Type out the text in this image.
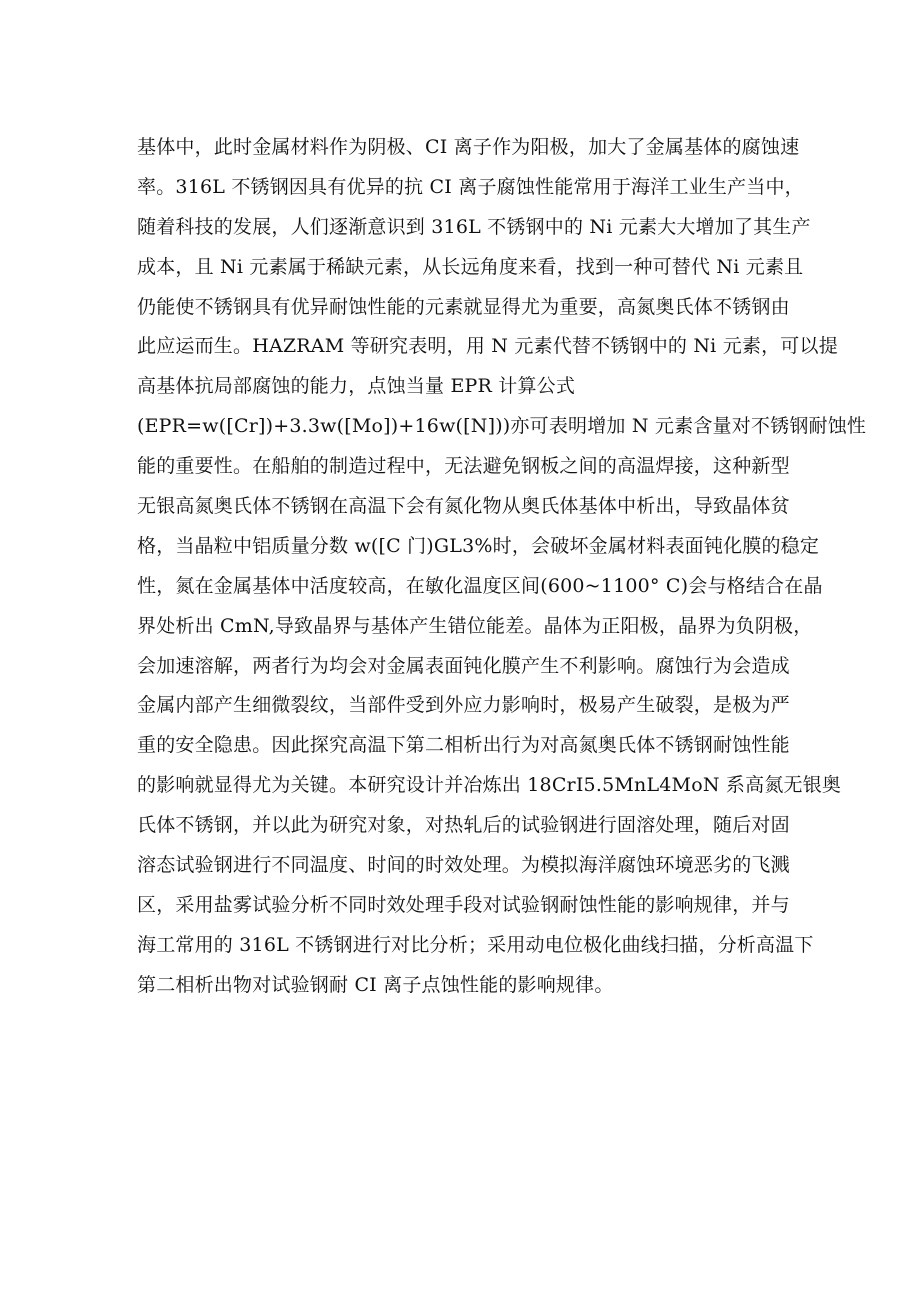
基体中，此时金属材料作为阴极、CI 离子作为阳极，加大了金属基体的腐蚀速
率。316L 不锈钢因具有优异的抗 CI 离子腐蚀性能常用于海洋工业生产当中，
随着科技的发展，人们逐渐意识到 316L 不锈钢中的 Ni 元素大大增加了其生产
成本，且 Ni 元素属于稀缺元素，从长远角度来看，找到一种可替代 Ni 元素且
仍能使不锈钢具有优异耐蚀性能的元素就显得尤为重要，高氮奥氏体不锈钢由
此应运而生。HAZRAM 等研究表明，用 N 元素代替不锈钢中的 Ni 元素，可以提
高基体抗局部腐蚀的能力，点蚀当量 EPR 计算公式
(EPR=w([Cr])+3.3w([Mo])+16w([N]))亦可表明增加 N 元素含量对不锈钢耐蚀性
能的重要性。在船舶的制造过程中，无法避免钢板之间的高温焊接，这种新型
无银高氮奥氏体不锈钢在高温下会有氮化物从奥氏体基体中析出，导致晶体贫
格，当晶粒中铝质量分数 w([C 门)GL3%时，会破坏金属材料表面钝化膜的稳定
性，氮在金属基体中活度较高，在敏化温度区间(600~1100° C)会与格结合在晶
界处析出 CmN,导致晶界与基体产生错位能差。晶体为正阳极，晶界为负阴极，
会加速溶解，两者行为均会对金属表面钝化膜产生不利影响。腐蚀行为会造成
金属内部产生细微裂纹，当部件受到外应力影响时，极易产生破裂，是极为严
重的安全隐患。因此探究高温下第二相析出行为对高氮奥氏体不锈钢耐蚀性能
的影响就显得尤为关键。本研究设计并冶炼出 18CrI5.5MnL4MoN 系高氮无银奥
氏体不锈钢，并以此为研究对象，对热轧后的试验钢进行固溶处理，随后对固
溶态试验钢进行不同温度、时间的时效处理。为模拟海洋腐蚀环境恶劣的飞溅
区，采用盐雾试验分析不同时效处理手段对试验钢耐蚀性能的影响规律，并与
海工常用的 316L 不锈钢进行对比分析；采用动电位极化曲线扫描，分析高温下
第二相析出物对试验钢耐 CI 离子点蚀性能的影响规律。
